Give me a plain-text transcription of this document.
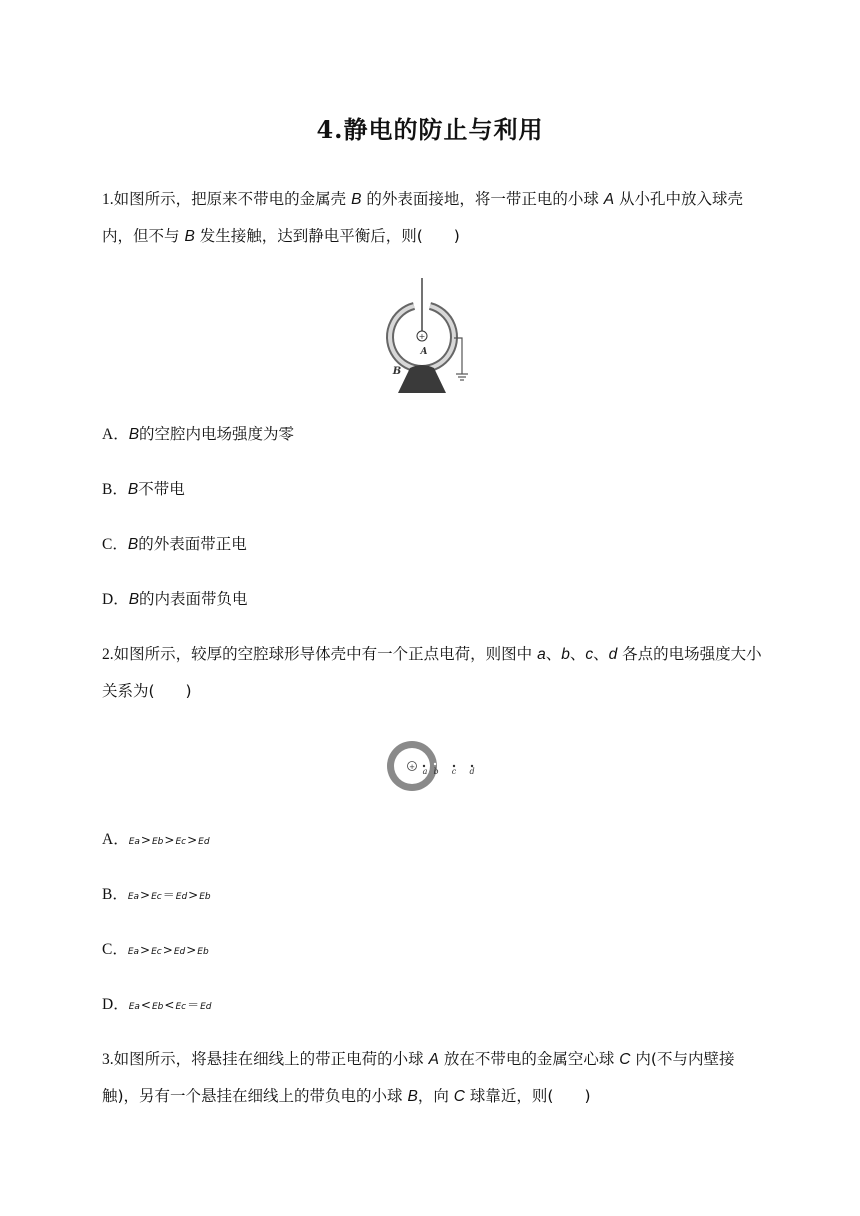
4.静电的防止与利用
1.如图所示，把原来不带电的金属壳 B 的外表面接地，将一带正电的小球 A 从小孔中放入球壳内，但不与 B 发生接触，达到静电平衡后，则(　　)
+
A
B
A．B的空腔内电场强度为零
B．B不带电
C．B的外表面带正电
D．B的内表面带负电
2.如图所示，较厚的空腔球形导体壳中有一个正点电荷，则图中 a、b、c、d 各点的电场强度大小关系为(　　)
+ a b c d
A．Ea>Eb>Ec>Ed
B．Ea>Ec＝Ed>Eb
C．Ea>Ec>Ed>Eb
D．Ea<Eb<Ec＝Ed
3.如图所示，将悬挂在细线上的带正电荷的小球 A 放在不带电的金属空心球 C 内(不与内壁接触)，另有一个悬挂在细线上的带负电的小球 B，向 C 球靠近，则(　　)
